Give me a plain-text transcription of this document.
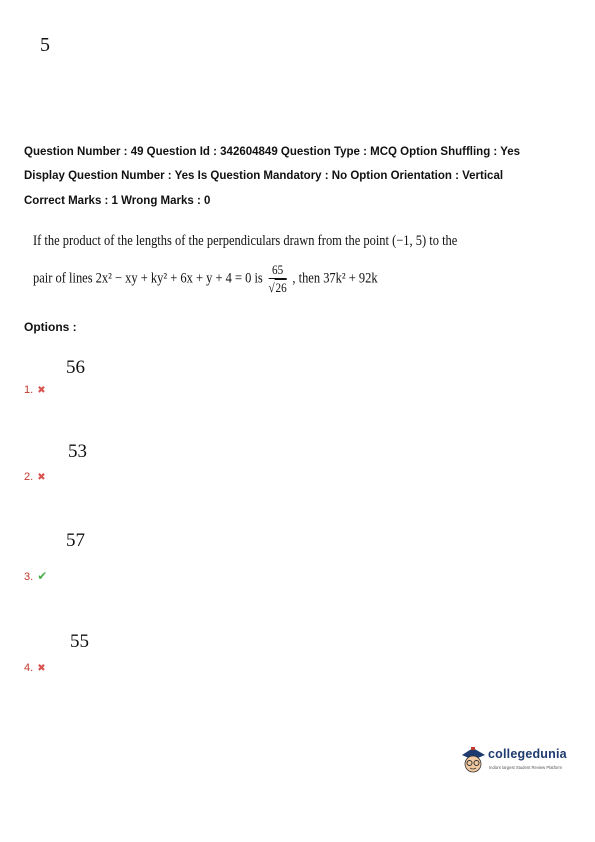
5
Question Number : 49 Question Id : 342604849 Question Type : MCQ Option Shuffling : Yes
Display Question Number : Yes Is Question Mandatory : No Option Orientation : Vertical
Correct Marks : 1 Wrong Marks : 0
If the product of the lengths of the perpendiculars drawn from the point (−1, 5) to the
pair of lines 2x² − xy + ky² + 6x + y + 4 = 0 is $\frac{65}{√26}$ , then 37k² + 92k
Options :
56
1. ✖
53
2. ✖
57
3. ✔
55
4. ✖
collegedunia
India's largest Student Review Platform
